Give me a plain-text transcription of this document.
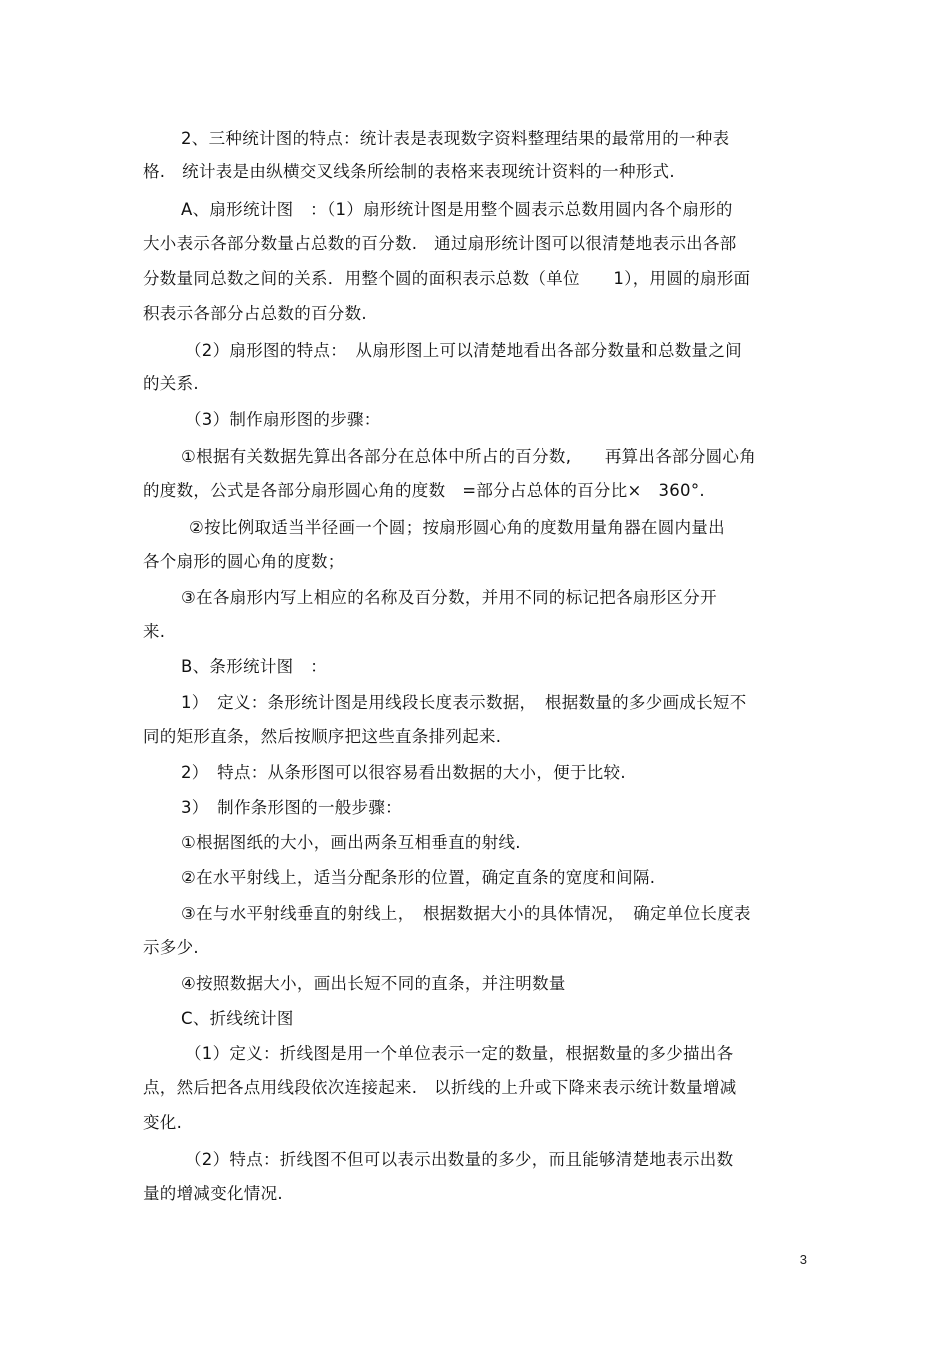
2、三种统计图的特点：统计表是表现数字资料整理结果的最常用的一种表
格.　统计表是由纵横交叉线条所绘制的表格来表现统计资料的一种形式.
A、扇形统计图　：（1）扇形统计图是用整个圆表示总数用圆内各个扇形的
大小表示各部分数量占总数的百分数.　通过扇形统计图可以很清楚地表示出各部
分数量同总数之间的关系．用整个圆的面积表示总数（单位　　1），用圆的扇形面
积表示各部分占总数的百分数.
（2）扇形图的特点：　从扇形图上可以清楚地看出各部分数量和总数量之间
的关系.
（3）制作扇形图的步骤：
①根据有关数据先算出各部分在总体中所占的百分数,　　再算出各部分圆心角
的度数，公式是各部分扇形圆心角的度数　=部分占总体的百分比×　360°.
②按比例取适当半径画一个圆；按扇形圆心角的度数用量角器在圆内量出
各个扇形的圆心角的度数；
③在各扇形内写上相应的名称及百分数，并用不同的标记把各扇形区分开
来.
B、条形统计图　：
1）　定义：条形统计图是用线段长度表示数据，　根据数量的多少画成长短不
同的矩形直条，然后按顺序把这些直条排列起来.
2）　特点：从条形图可以很容易看出数据的大小，便于比较.
3）　制作条形图的一般步骤：
①根据图纸的大小，画出两条互相垂直的射线.
②在水平射线上，适当分配条形的位置，确定直条的宽度和间隔.
③在与水平射线垂直的射线上，　根据数据大小的具体情况，　确定单位长度表
示多少.
④按照数据大小，画出长短不同的直条，并注明数量
C、折线统计图
（1）定义：折线图是用一个单位表示一定的数量，根据数量的多少描出各
点，然后把各点用线段依次连接起来.　以折线的上升或下降来表示统计数量增减
变化.
（2）特点：折线图不但可以表示出数量的多少，而且能够清楚地表示出数
量的增减变化情况.
3
